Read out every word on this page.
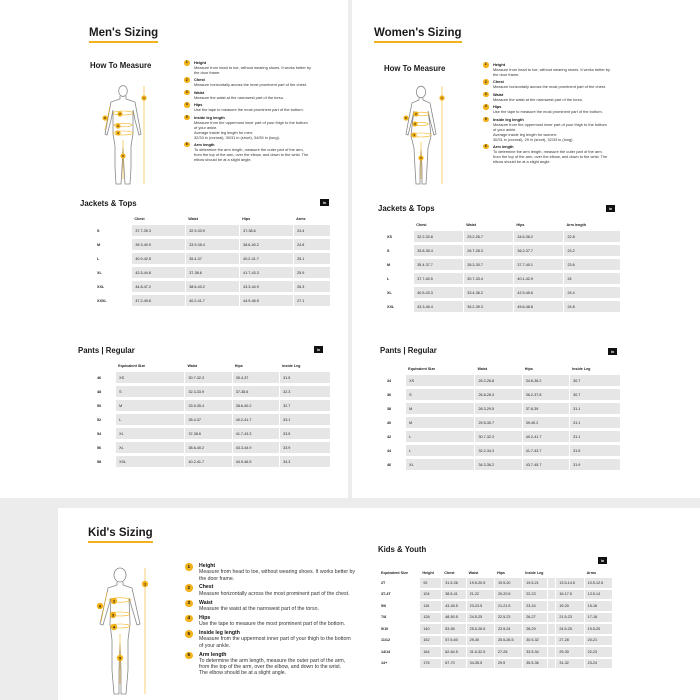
Men's Sizing
How To Measure
1
2
3
4
5
6
1	Height
Measure from head to toe, without wearing shoes. It works better by
the door frame.
2	Chest
Measure horizontally across the most prominent part of the chest.
3	Waist
Measure the waist at the narrowest part of the torso.
4	Hips
Use the tape to measure the most prominent part of the bottom.
5	Inside leg length
Measure from the uppermost inner part of your thigh to the bottom
of your ankle.
Average inside leg length for men:
32/33 in (normal), 30/31 in (short), 34/35 in (long).
6	Arm length
To determine the arm length, measure the outer part of the arm,
from the top of the arm, over the elbow, and down to the wrist. The
elbow should be at a slight angle.
Jackets & Tops	in
	Chest	Waist	Hips	Arms
S	37.7-39.3	32.9-33.9	37-38.6	24.4
M	39.3-40.9	33.9-35.4	38.6-40.2	24.8
L	40.9-42.5	35.4-37	40.2-41.7	25.1
XL	42.5-44.8	37-38.6	41.7-43.3	25.9
XXL	44.8-47.2	38.6-40.2	43.3-44.9	26.3
XXXL	47.2-49.6	40.2-41.7	44.9-46.5	27.1
Pants | Regular	in
	Equivalent Size	Waist	Hips	Inside Leg
46	XS	30.7-32.3	35.4-37	31.5
48	S	32.3-33.9	37-38.6	32.3
50	M	33.9-35.4	38.6-40.2	32.7
52	L	35.4-37	40.2-41.7	33.1
54	XL	37-38.6	41.7-43.3	33.5
56	XL	38.6-40.2	43.3-44.9	33.9
58	XXL	40.2-41.7	44.9-46.5	34.3
Women's Sizing
How To Measure
1
2
3
4
5
6
1	Height
Measure from head to toe, without wearing shoes. It works better by
the door frame.
2	Chest
Measure horizontally across the most prominent part of the chest.
3	Waist
Measure the waist at the narrowest part of the torso.
4	Hips
Use the tape to measure the most prominent part of the bottom.
5	Inside leg length
Measure from the uppermost inner part of your thigh to the bottom
of your ankle.
Average inside leg length for women:
30/31 in (normal), 29 in (short), 32/33 in (long).
6	Arm length
To determine the arm length, measure the outer part of the arm,
from the top of the arm, over the elbow, and down to the wrist. The
elbow should be at a slight angle.
Jackets & Tops	in
	Chest	Waist	Hips	Arm length
XS	32.2-33.8	25.2-26.7	34.6-36.2	22.8
S	33.8-35.4	26.7-28.3	36.2-37.7	23.2
M	35.4-37.7	28.3-30.7	37.7-40.1	23.6
L	37.7-40.5	30.7-33.4	40.1-42.9	24
XL	40.5-43.3	33.4-36.2	42.9-45.6	24.4
XXL	43.3-46.4	36.2-39.3	45.6-48.8	24.8
Pants | Regular	in
	Equivalent Size	Waist	Hips	Inside Leg
34	XS	25.2-26.8	34.6-36.2	30.7
36	S	26.8-28.3	36.2-37.8	30.7
38	M	28.3-29.5	37.8-39	31.1
40	M	29.5-30.7	39-40.2	31.1
42	L	30.7-32.3	40.2-41.7	31.1
44	L	32.2-34.3	41.7-43.7	31.5
46	XL	34.3-36.2	43.7-45.7	31.9
Kid's Sizing
1
2
3
4
5
6
1	Height
Measure from head to toe, without wearing shoes. It works better by
the door frame.
2	Chest
Measure horizontally across the most prominent part of the chest.
3	Waist
Measure the waist at the narrowest part of the torso.
4	Hips
Use the tape to measure the most prominent part of the bottom.
5	Inside leg length
Measure from the uppermost inner part of your thigh to the bottom
of your ankle.
6	Arm length
To determine the arm length, measure the outer part of the arm,
from the top of the arm, over the elbow, and down to the wrist.
The elbow should be at a slight angle.
Kids & Youth
in
Equivalent Size	Height	Chest	Waist	Hips	Inside Leg			Arms
2T	92	31.5-36	19.5-20.5	19.5-20	19.5-21		13.5-14.5	10.5-12.5
3T-4T	104	38.5-41	21-22	20-20.5	22-23		16-17.5	13.5-14
5/6	116	43-45.5	23-23.5	21-21.5	23-24		19-20	15-16
7/8	128	48-50.5	24.5-25	22.5-23	26-27		21.5-23	17-18
9/10	140	53-55	25.5-26.5	23.5-24	28-29		24.5-25	19.5-20
11/12	152	57.5-60	29-30	25.5-26.5	30.5-32		27-28	20-21
14/14	164	62-64.5	31.5-32.5	27-28	33.5-34		29-30	22-23
14+	176	67-70	34-35.5	29.5	35.5-36		31-32	23-24
